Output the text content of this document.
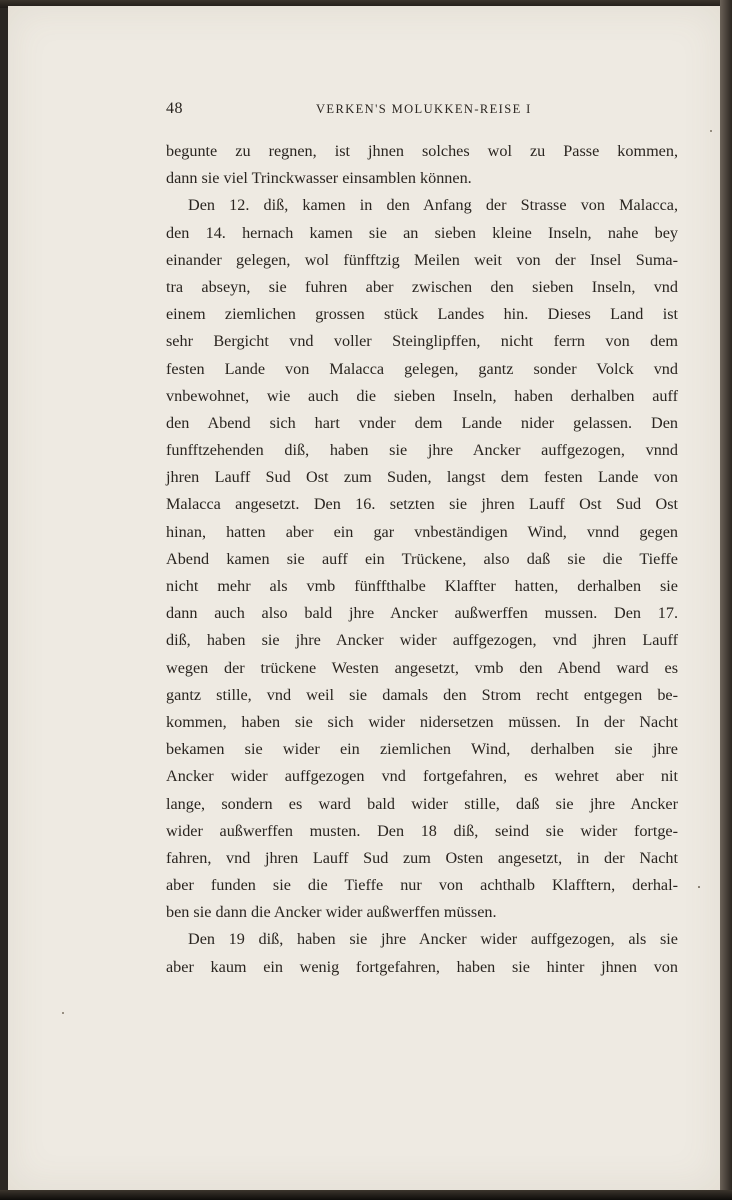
48	VERKEN'S MOLUKKEN-REISE I
begunte zu regnen, ist jhnen solches wol zu Passe kommen,
dann sie viel Trinckwasser einsamblen können.
Den 12. diß, kamen in den Anfang der Strasse von Malacca,
den 14. hernach kamen sie an sieben kleine Inseln, nahe bey
einander gelegen, wol fünfftzig Meilen weit von der Insel Suma-
tra abseyn, sie fuhren aber zwischen den sieben Inseln, vnd
einem ziemlichen grossen stück Landes hin. Dieses Land ist
sehr Bergicht vnd voller Steinglipffen, nicht ferrn von dem
festen Lande von Malacca gelegen, gantz sonder Volck vnd
vnbewohnet, wie auch die sieben Inseln, haben derhalben auff
den Abend sich hart vnder dem Lande nider gelassen. Den
funfftzehenden diß, haben sie jhre Ancker auffgezogen, vnnd
jhren Lauff Sud Ost zum Suden, langst dem festen Lande von
Malacca angesetzt. Den 16. setzten sie jhren Lauff Ost Sud Ost
hinan, hatten aber ein gar vnbeständigen Wind, vnnd gegen
Abend kamen sie auff ein Trückene, also daß sie die Tieffe
nicht mehr als vmb fünffthalbe Klaffter hatten, derhalben sie
dann auch also bald jhre Ancker außwerffen mussen. Den 17.
diß, haben sie jhre Ancker wider auffgezogen, vnd jhren Lauff
wegen der trückene Westen angesetzt, vmb den Abend ward es
gantz stille, vnd weil sie damals den Strom recht entgegen be-
kommen, haben sie sich wider nidersetzen müssen. In der Nacht
bekamen sie wider ein ziemlichen Wind, derhalben sie jhre
Ancker wider auffgezogen vnd fortgefahren, es wehret aber nit
lange, sondern es ward bald wider stille, daß sie jhre Ancker
wider außwerffen musten. Den 18 diß, seind sie wider fortge-
fahren, vnd jhren Lauff Sud zum Osten angesetzt, in der Nacht
aber funden sie die Tieffe nur von achthalb Klafftern, derhal-
ben sie dann die Ancker wider außwerffen müssen.
Den 19 diß, haben sie jhre Ancker wider auffgezogen, als sie
aber kaum ein wenig fortgefahren, haben sie hinter jhnen von
